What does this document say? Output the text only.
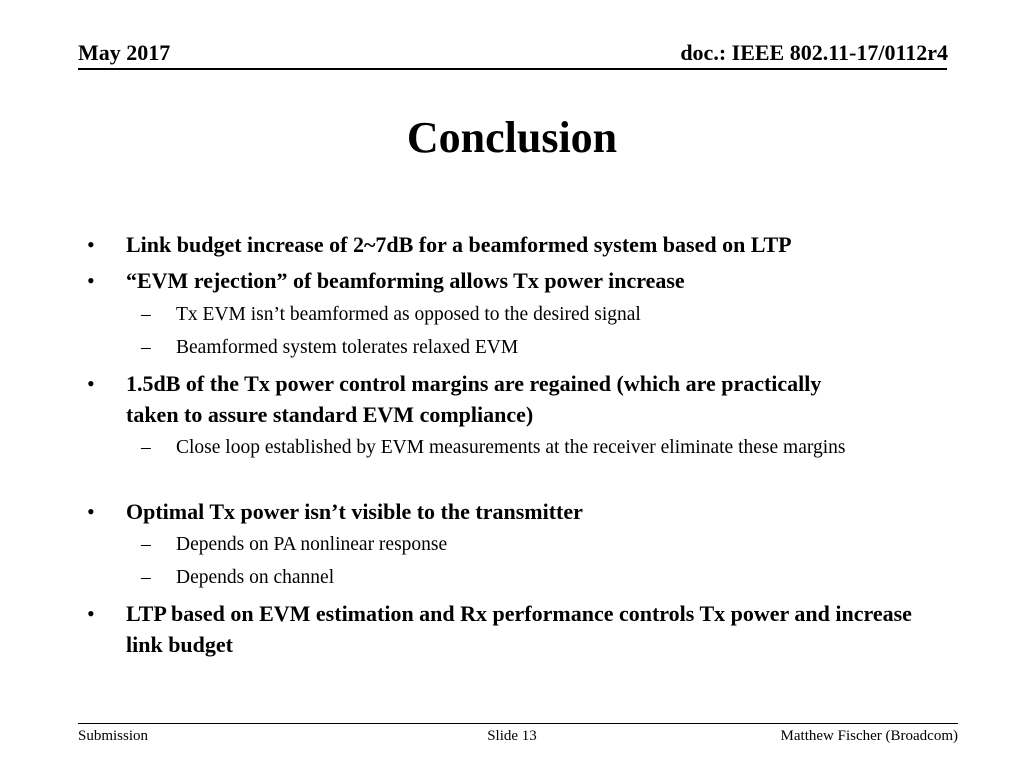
May 2017	doc.: IEEE 802.11-17/0112r4
Conclusion
• Link budget increase of 2~7dB for a beamformed system based on LTP
• “EVM rejection” of beamforming allows Tx power increase
– Tx EVM isn’t beamformed as opposed to the desired signal
– Beamformed system tolerates relaxed EVM
• 1.5dB of the Tx power control margins are regained (which are practically taken to assure standard EVM compliance)
– Close loop established by EVM measurements at the receiver eliminate these margins
• Optimal Tx power isn’t visible to the transmitter
– Depends on PA nonlinear response
– Depends on channel
• LTP based on EVM estimation and Rx performance controls Tx power and increase link budget
Submission	Slide 13	Matthew Fischer (Broadcom)
